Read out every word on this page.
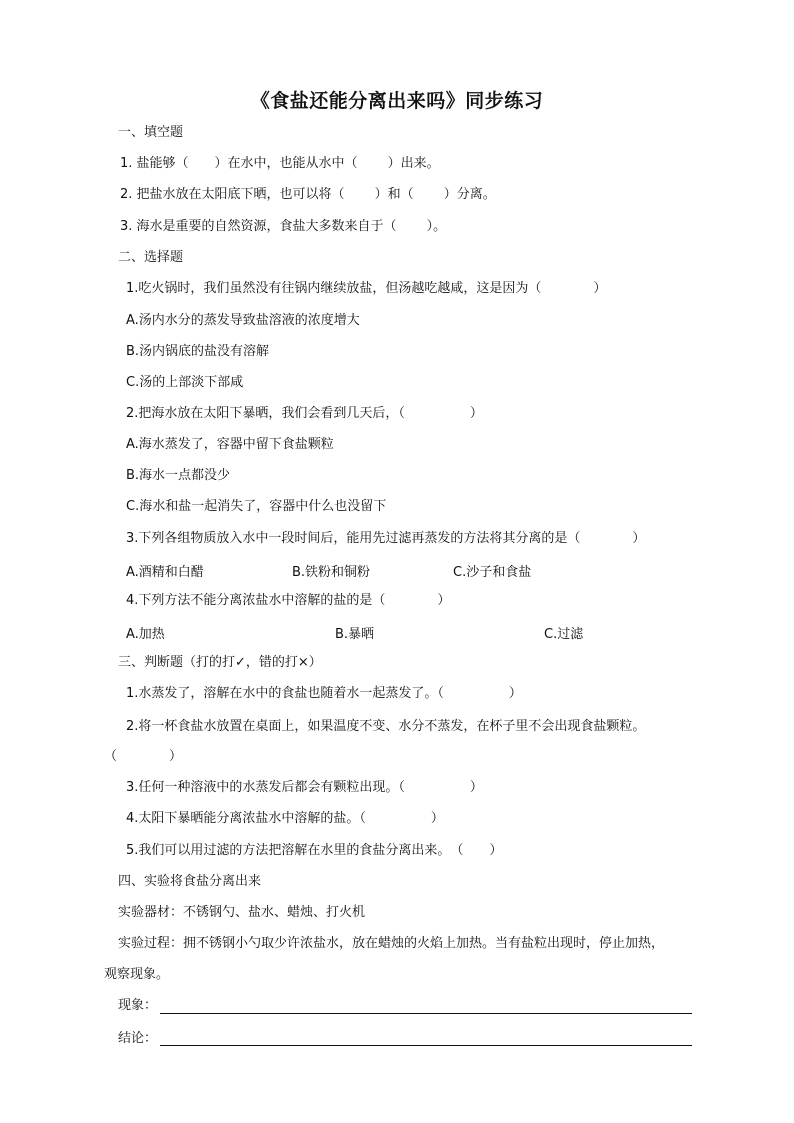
《食盐还能分离出来吗》同步练习
一、填空题
1. 盐能够（　　）在水中，也能从水中（　　 ）出来。
2. 把盐水放在太阳底下晒，也可以将（　　 ）和（　　 ）分离。
3. 海水是重要的自然资源，食盐大多数来自于（　　 ）。
二、选择题
1.吃火锅时，我们虽然没有往锅内继续放盐，但汤越吃越咸，这是因为（　　　　）
A.汤内水分的蒸发导致盐溶液的浓度增大
B.汤内锅底的盐没有溶解
C.汤的上部淡下部咸
2.把海水放在太阳下暴晒，我们会看到几天后，（　　　　　）
A.海水蒸发了，容器中留下食盐颗粒
B.海水一点都没少
C.海水和盐一起消失了，容器中什么也没留下
3.下列各组物质放入水中一段时间后，能用先过滤再蒸发的方法将其分离的是（　　　　）
A.酒精和白醋	B.铁粉和铜粉	C.沙子和食盐
4.下列方法不能分离浓盐水中溶解的盐的是（　　　　）
A.加热	B.暴晒	C.过滤
三、判断题（打的打✓，错的打×）
1.水蒸发了，溶解在水中的食盐也随着水一起蒸发了。（　　　　　）
2.将一杯食盐水放置在桌面上，如果温度不变、水分不蒸发，在杯子里不会出现食盐颗粒。
（　　　　）
3.任何一种溶液中的水蒸发后都会有颗粒出现。（　　　　　）
4.太阳下暴晒能分离浓盐水中溶解的盐。（　　　　　）
5.我们可以用过滤的方法把溶解在水里的食盐分离出来。　（　　）
四、实验将食盐分离出来
实验器材：不锈钢勺、盐水、蜡烛、打火机
实验过程：拥不锈钢小勺取少许浓盐水，放在蜡烛的火焰上加热。当有盐粒出现时，停止加热，
观察现象。
现象：
结论：
